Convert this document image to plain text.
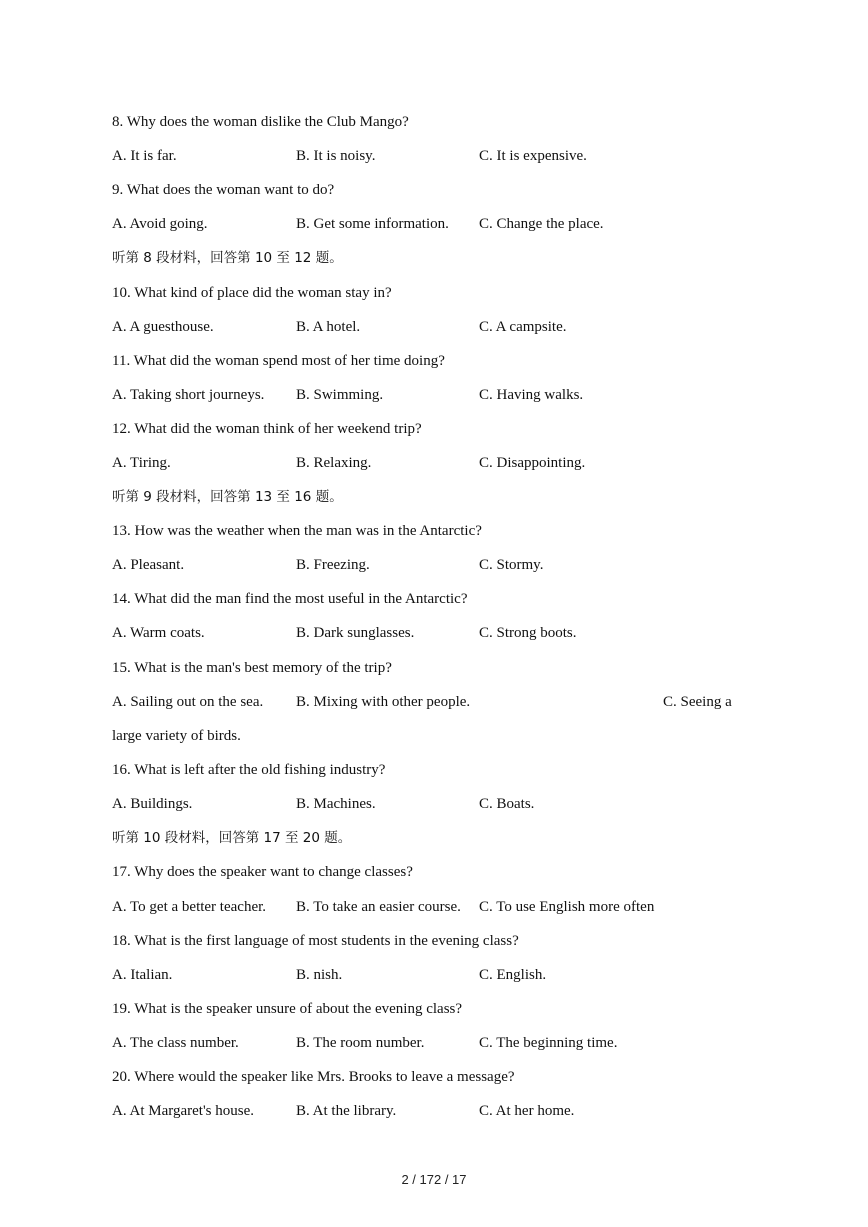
8. Why does the woman dislike the Club Mango?
A. It is far.	B. It is noisy.	C. It is expensive.
9. What does the woman want to do?
A. Avoid going.	B. Get some information. C. Change the place.
听第 8 段材料，回答第 10 至 12 题。
10. What kind of place did the woman stay in?
A. A guesthouse.	B. A hotel.	C. A campsite.
11. What did the woman spend most of her time doing?
A. Taking short journeys. B. Swimming.	C. Having walks.
12. What did the woman think of her weekend trip?
A. Tiring.	B. Relaxing.	C. Disappointing.
听第 9 段材料，回答第 13 至 16 题。
13. How was the weather when the man was in the Antarctic?
A. Pleasant.	B. Freezing.	C. Stormy.
14. What did the man find the most useful in the Antarctic?
A. Warm coats.	B. Dark sunglasses.	C. Strong boots.
15. What is the man's best memory of the trip?
A. Sailing out on the sea. B. Mixing with other people.	C. Seeing a
large variety of birds.
16. What is left after the old fishing industry?
A. Buildings.	B. Machines.	C. Boats.
听第 10 段材料，回答第 17 至 20 题。
17. Why does the speaker want to change classes?
A. To get a better teacher. B. To take an easier course. C. To use English more often
18. What is the first language of most students in the evening class?
A. Italian.	B. nish.	C. English.
19. What is the speaker unsure of about the evening class?
A. The class number.	B. The room number.	C. The beginning time.
20. Where would the speaker like Mrs. Brooks to leave a message?
A. At Margaret's house.	B. At the library.	C. At her home.
2 / 172 / 17
